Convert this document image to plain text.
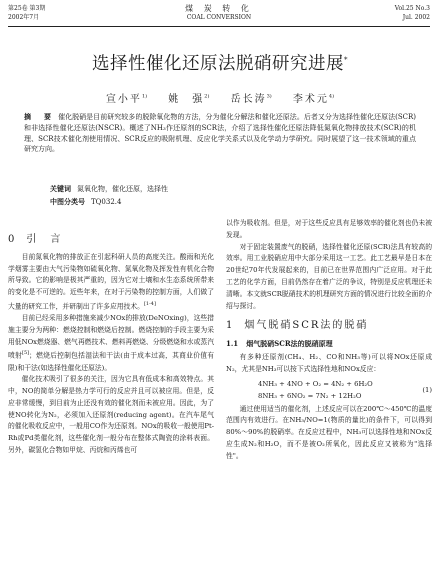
第25卷 第3期
2002年7月
煤 炭 转 化
COAL CONVERSION
Vol.25 No.3
Jul. 2002
选择性催化还原法脱硝研究进展*
宣小平$^{1)}$ 姚　强$^{2)}$ 岳长涛$^{3)}$ 李术元$^{4)}$
摘　要 催化脱硝是目前研究较多的脱除氧化物的方法，分为催化分解法和催化还原法。后者又分为选择性催化还原法(SCR)和非选择性催化还原法(NSCR)。概述了NH₃作还原剂的SCR法，介绍了选择性催化还原法降低氮氧化物排放技术(SCR)的机理、SCR技术催化剂使用情况、SCR反应的吸附机理、反应化学关系式以及化学动力学研究。同时展望了这一技术领域的重点研究方向。
关键词 氮氧化物，催化还原，选择性
中图分类号 TQ032.4
0 引　言

目前氮氧化物的排放正在引起科研人员的高度关注。酸雨和光化学烟雾主要由大气污染物如硫氧化物、氮氧化物及挥发性有机化合物所导致。它的影响是极其严重的，因为它对土壤和水生态系统所带来的变化是不可逆的。近些年来，在对于污染物的控制方面，人们做了大量的研究工作，并研制出了许多应用技术。[1-4]

目前已经采用多种措施来减少NOx的排放(DeNOxing)，这些措施主要分为两种：燃烧控制和燃烧后控制。燃烧控制的手段主要为采用低NOx燃烧器、燃气再燃技术、燃料再燃烧、分级燃烧和水或蒸汽喷射[5]；燃烧后控制包括湿法和干法(由于成本过高，其商业价值有限)和干法(如选择性催化还原法)。

催化技术吸引了很多的关注，因为它具有低成本和高效特点。其中，NO的简单分解是热力学可行的反应并且可以被应用。但是，反应非常缓慢，到目前为止还没有效的催化剂而未被应用。因此，为了使NO转化为N₂，必须加入还原剂(reducing agent)。在汽车尾气的催化吸收反应中，一般用CO作为还原剂。NOx的吸收一般使用Pt-Rh或Pd类催化剂，这些催化剂一般分布在整体式陶瓷的涂料表面。另外，碳氢化合物如甲烷、丙烷和丙烯也可

以作为吸收剂。但是，对于这些反应具有足够效率的催化剂也仍未被发现。

对于固定装置废气的脱硝，选择性催化还原(SCR)法具有较高的效率。用工业脱硝应用中大部分采用这一工艺。此工艺最早是日本在20世纪70年代发展起来的，目前已在世界范围内广泛应用。对于此工艺的化学方面，目前仍然存在着广泛的争议，特别是反应机理还未清晰。本文就SCR脱硝技术的机理研究方面的情况进行比较全面的介绍与探讨。

1 烟气脱硝SCR法的脱硝
1.1 烟气脱硝SCR法的脱硝原理

有多种还原剂(CH₄、H₂、CO和NH₃等)可以将NOx还原成N₂，尤其是NH₃可以按下式选择性地和NOx反应：

4NH₃ + 4NO + O₂ = 4N₂ + 6H₂O
8NH₃ + 6NO₂ = 7N₂ + 12H₂O
(1)

通过使用适当的催化剂，上述反应可以在200℃～450℃的温度范围内有效进行。在NH₃/NO=1(物质的量比)的条件下，可以得到80%～90%的脱硝率。在反应过程中，NH₃可以选择性地和NOx反应生成N₂和H₂O，而不是被O₂所氧化，因此反应又被称为"选择性"。
